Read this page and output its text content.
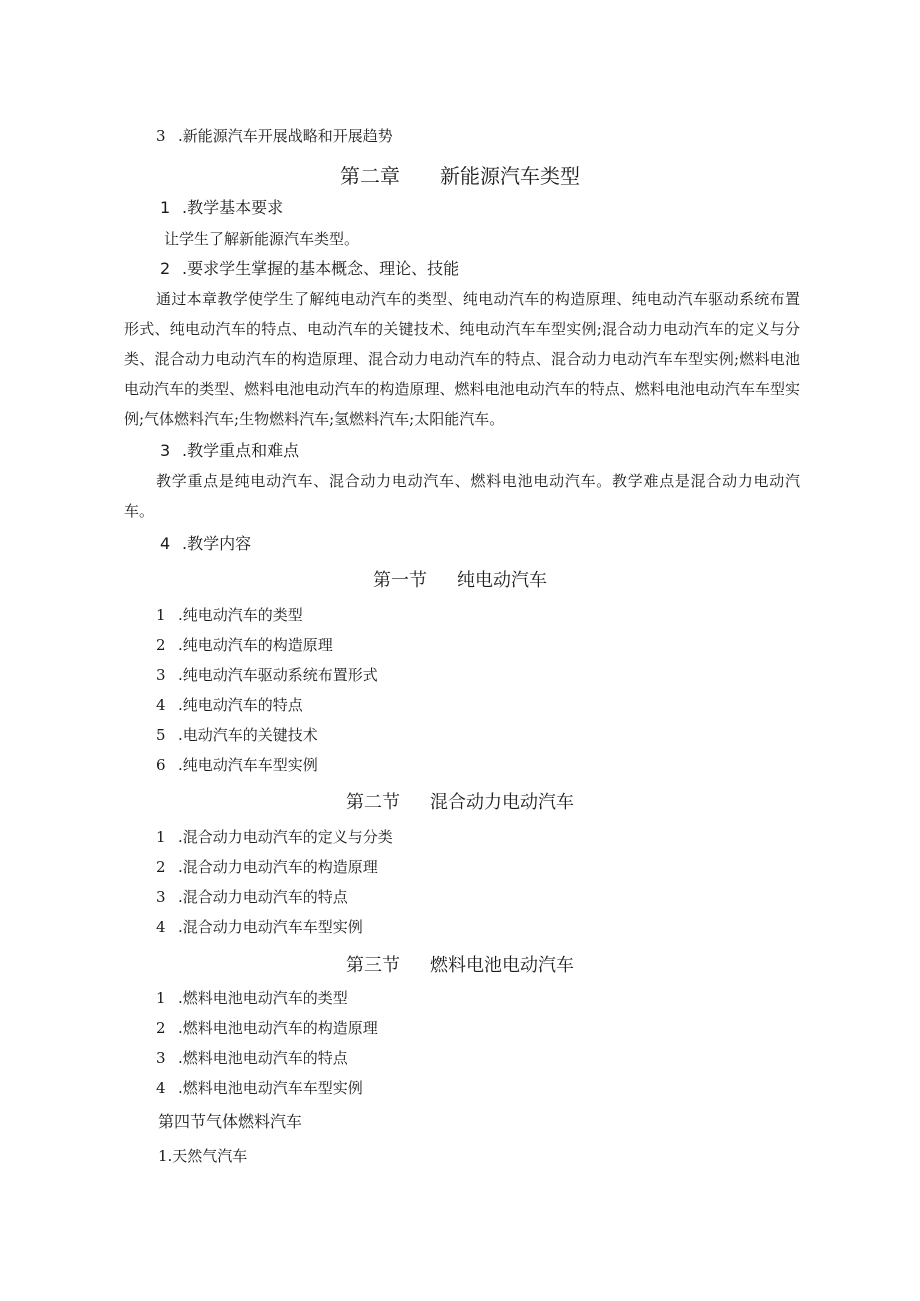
3 .新能源汽车开展战略和开展趋势
第二章 新能源汽车类型
1 .教学基本要求
让学生了解新能源汽车类型。
2 .要求学生掌握的基本概念、理论、技能
通过本章教学使学生了解纯电动汽车的类型、纯电动汽车的构造原理、纯电动汽车驱动系统布置形式、纯电动汽车的特点、电动汽车的关键技术、纯电动汽车车型实例;混合动力电动汽车的定义与分类、混合动力电动汽车的构造原理、混合动力电动汽车的特点、混合动力电动汽车车型实例;燃料电池电动汽车的类型、燃料电池电动汽车的构造原理、燃料电池电动汽车的特点、燃料电池电动汽车车型实例;气体燃料汽车;生物燃料汽车;氢燃料汽车;太阳能汽车。
3 .教学重点和难点
教学重点是纯电动汽车、混合动力电动汽车、燃料电池电动汽车。教学难点是混合动力电动汽车。
4 .教学内容
第一节 纯电动汽车
1 .纯电动汽车的类型
2 .纯电动汽车的构造原理
3 .纯电动汽车驱动系统布置形式
4 .纯电动汽车的特点
5 .电动汽车的关键技术
6 .纯电动汽车车型实例
第二节 混合动力电动汽车
1 .混合动力电动汽车的定义与分类
2 .混合动力电动汽车的构造原理
3 .混合动力电动汽车的特点
4 .混合动力电动汽车车型实例
第三节 燃料电池电动汽车
1 .燃料电池电动汽车的类型
2 .燃料电池电动汽车的构造原理
3 .燃料电池电动汽车的特点
4 .燃料电池电动汽车车型实例
第四节气体燃料汽车
1.天然气汽车
